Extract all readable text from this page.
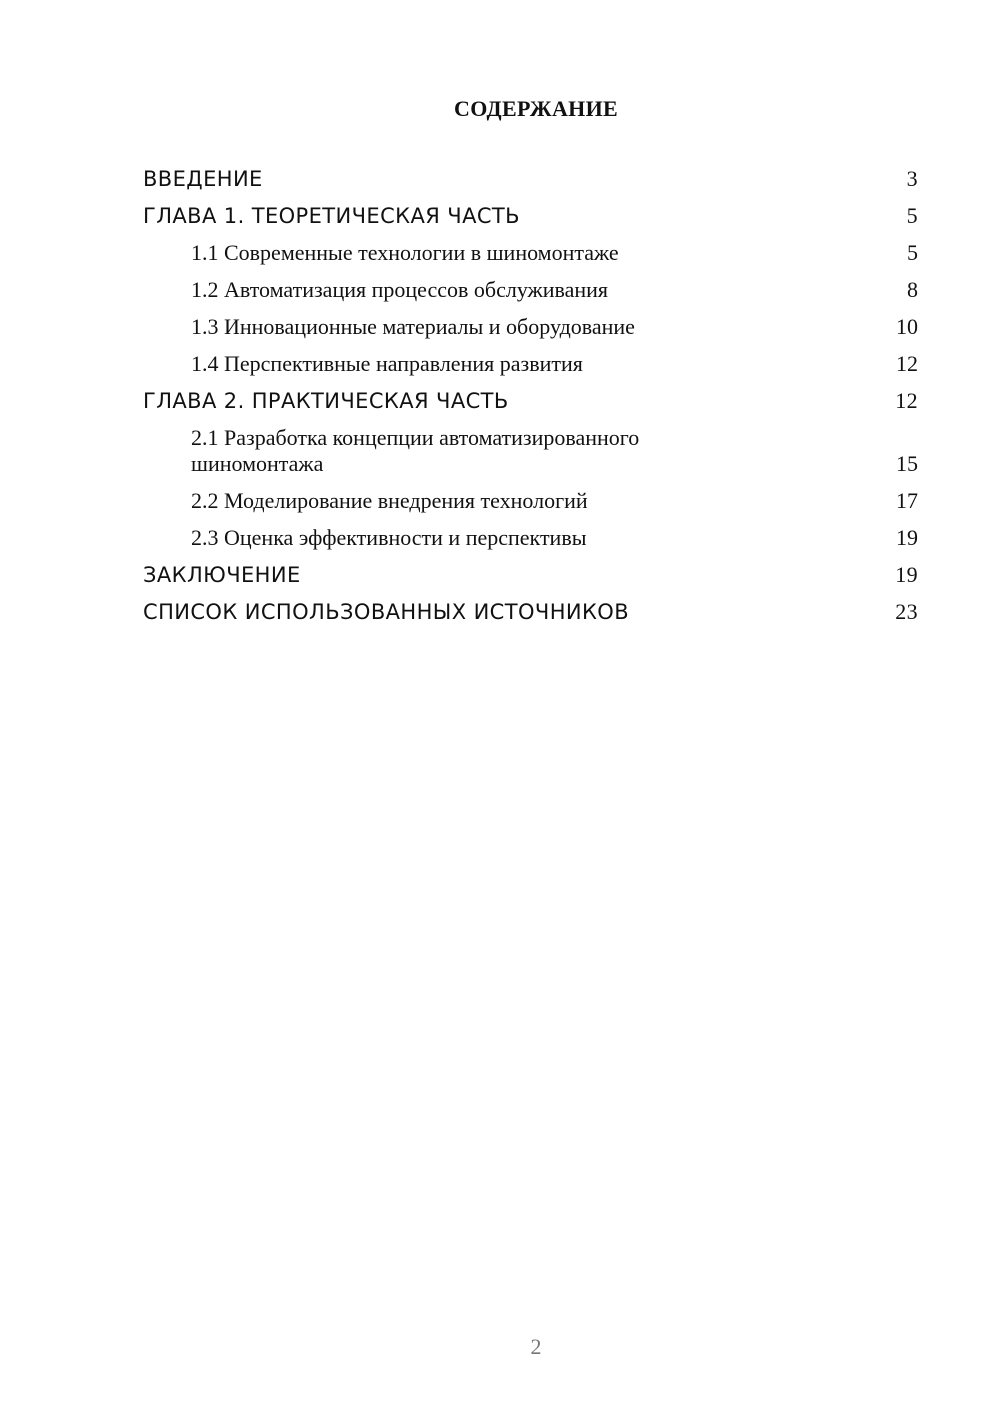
СОДЕРЖАНИЕ
ВВЕДЕНИЕ	3
ГЛАВА 1. ТЕОРЕТИЧЕСКАЯ ЧАСТЬ	5
1.1 Современные технологии в шиномонтаже	5
1.2 Автоматизация процессов обслуживания	8
1.3 Инновационные материалы и оборудование	10
1.4 Перспективные направления развития	12
ГЛАВА 2. ПРАКТИЧЕСКАЯ ЧАСТЬ	12
2.1 Разработка концепции автоматизированного шиномонтажа	15
2.2 Моделирование внедрения технологий	17
2.3 Оценка эффективности и перспективы	19
ЗАКЛЮЧЕНИЕ	19
СПИСОК ИСПОЛЬЗОВАННЫХ ИСТОЧНИКОВ	23
2
